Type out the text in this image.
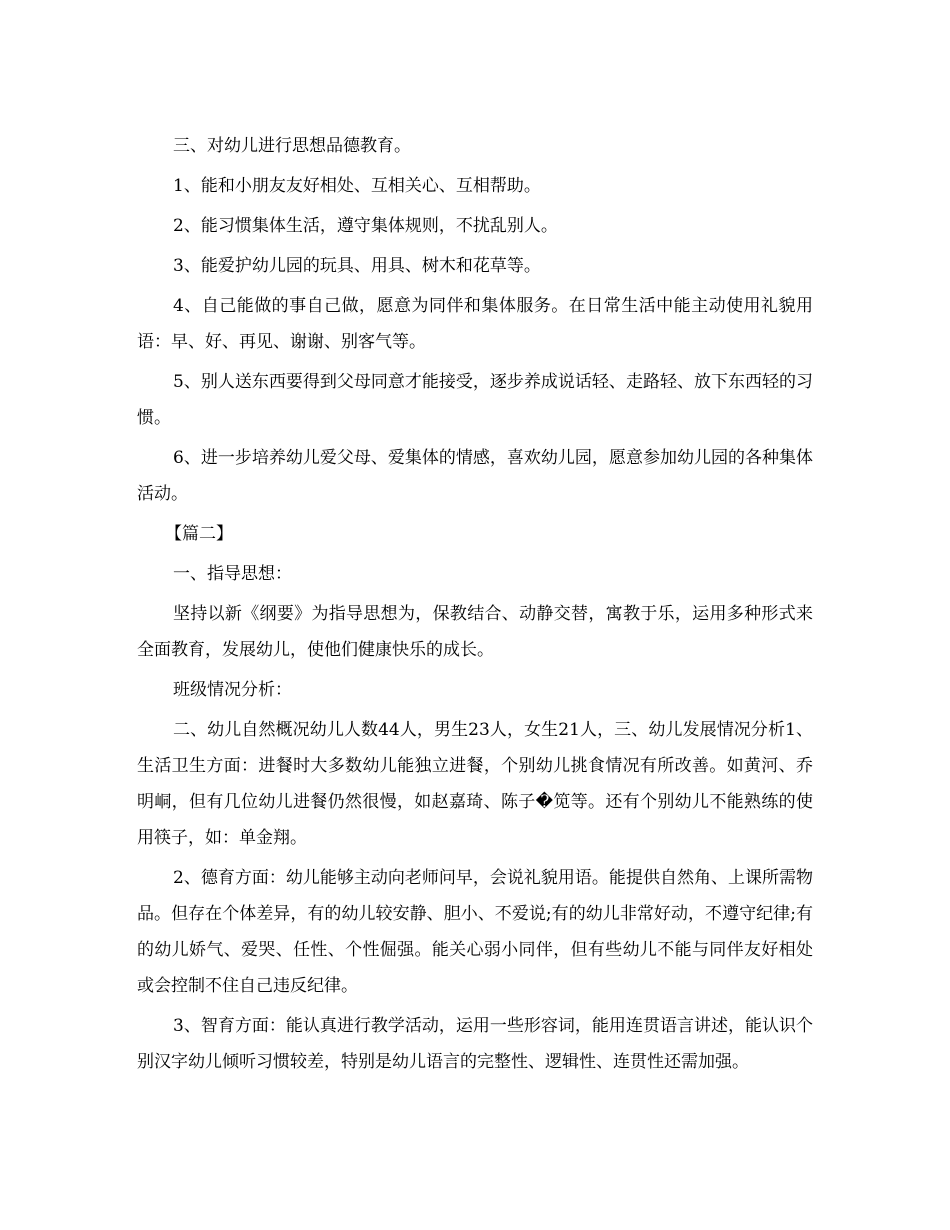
三、对幼儿进行思想品德教育。

1、能和小朋友友好相处、互相关心、互相帮助。

2、能习惯集体生活，遵守集体规则，不扰乱别人。

3、能爱护幼儿园的玩具、用具、树木和花草等。

4、自己能做的事自己做，愿意为同伴和集体服务。在日常生活中能主动使用礼貌用语：早、好、再见、谢谢、别客气等。

5、别人送东西要得到父母同意才能接受，逐步养成说话轻、走路轻、放下东西轻的习惯。

6、进一步培养幼儿爱父母、爱集体的情感，喜欢幼儿园，愿意参加幼儿园的各种集体活动。

【篇二】

一、指导思想：

坚持以新《纲要》为指导思想为，保教结合、动静交替，寓教于乐，运用多种形式来全面教育，发展幼儿，使他们健康快乐的成长。

班级情况分析：

二、幼儿自然概况幼儿人数44人，男生23人，女生21人，三、幼儿发展情况分析1、生活卫生方面：进餐时大多数幼儿能独立进餐，个别幼儿挑食情况有所改善。如黄河、乔明峒，但有几位幼儿进餐仍然很慢，如赵嘉琦、陈子�笕等。还有个别幼儿不能熟练的使用筷子，如：单金翔。

2、德育方面：幼儿能够主动向老师问早，会说礼貌用语。能提供自然角、上课所需物品。但存在个体差异，有的幼儿较安静、胆小、不爱说;有的幼儿非常好动，不遵守纪律;有的幼儿娇气、爱哭、任性、个性倔强。能关心弱小同伴，但有些幼儿不能与同伴友好相处或会控制不住自己违反纪律。

3、智育方面：能认真进行教学活动，运用一些形容词，能用连贯语言讲述，能认识个别汉字幼儿倾听习惯较差，特别是幼儿语言的完整性、逻辑性、连贯性还需加强。
